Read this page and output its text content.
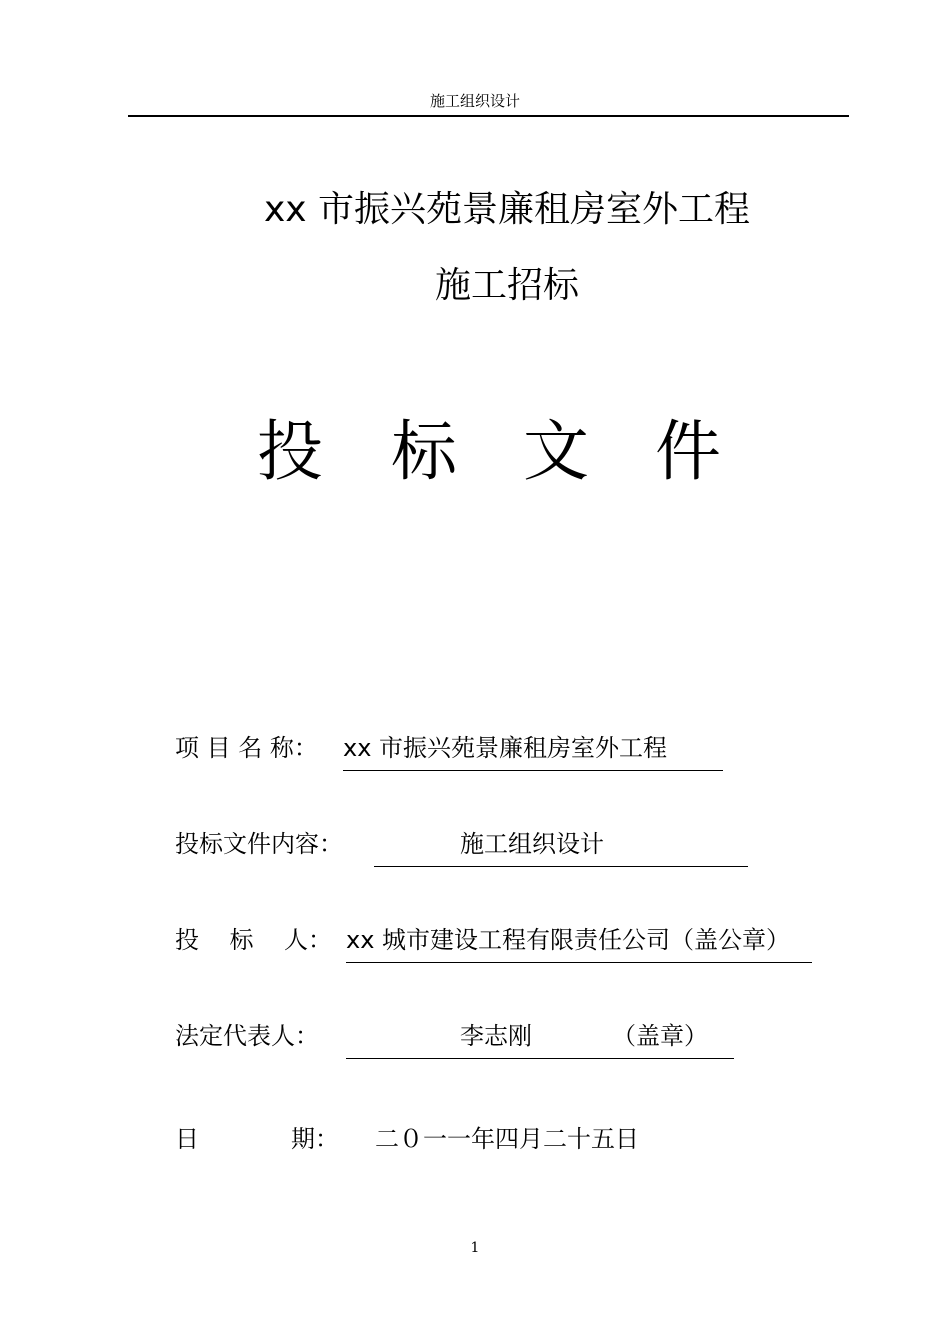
施工组织设计
xx 市振兴苑景廉租房室外工程
施工招标
投 标 文 件
项 目 名 称： xx 市振兴苑景廉租房室外工程
投标文件内容：	施工组织设计
投    标    人： xx 城市建设工程有限责任公司（盖公章）
法定代表人：	李志刚	（盖章）
日	期： 二０一一年四月二十五日
1
